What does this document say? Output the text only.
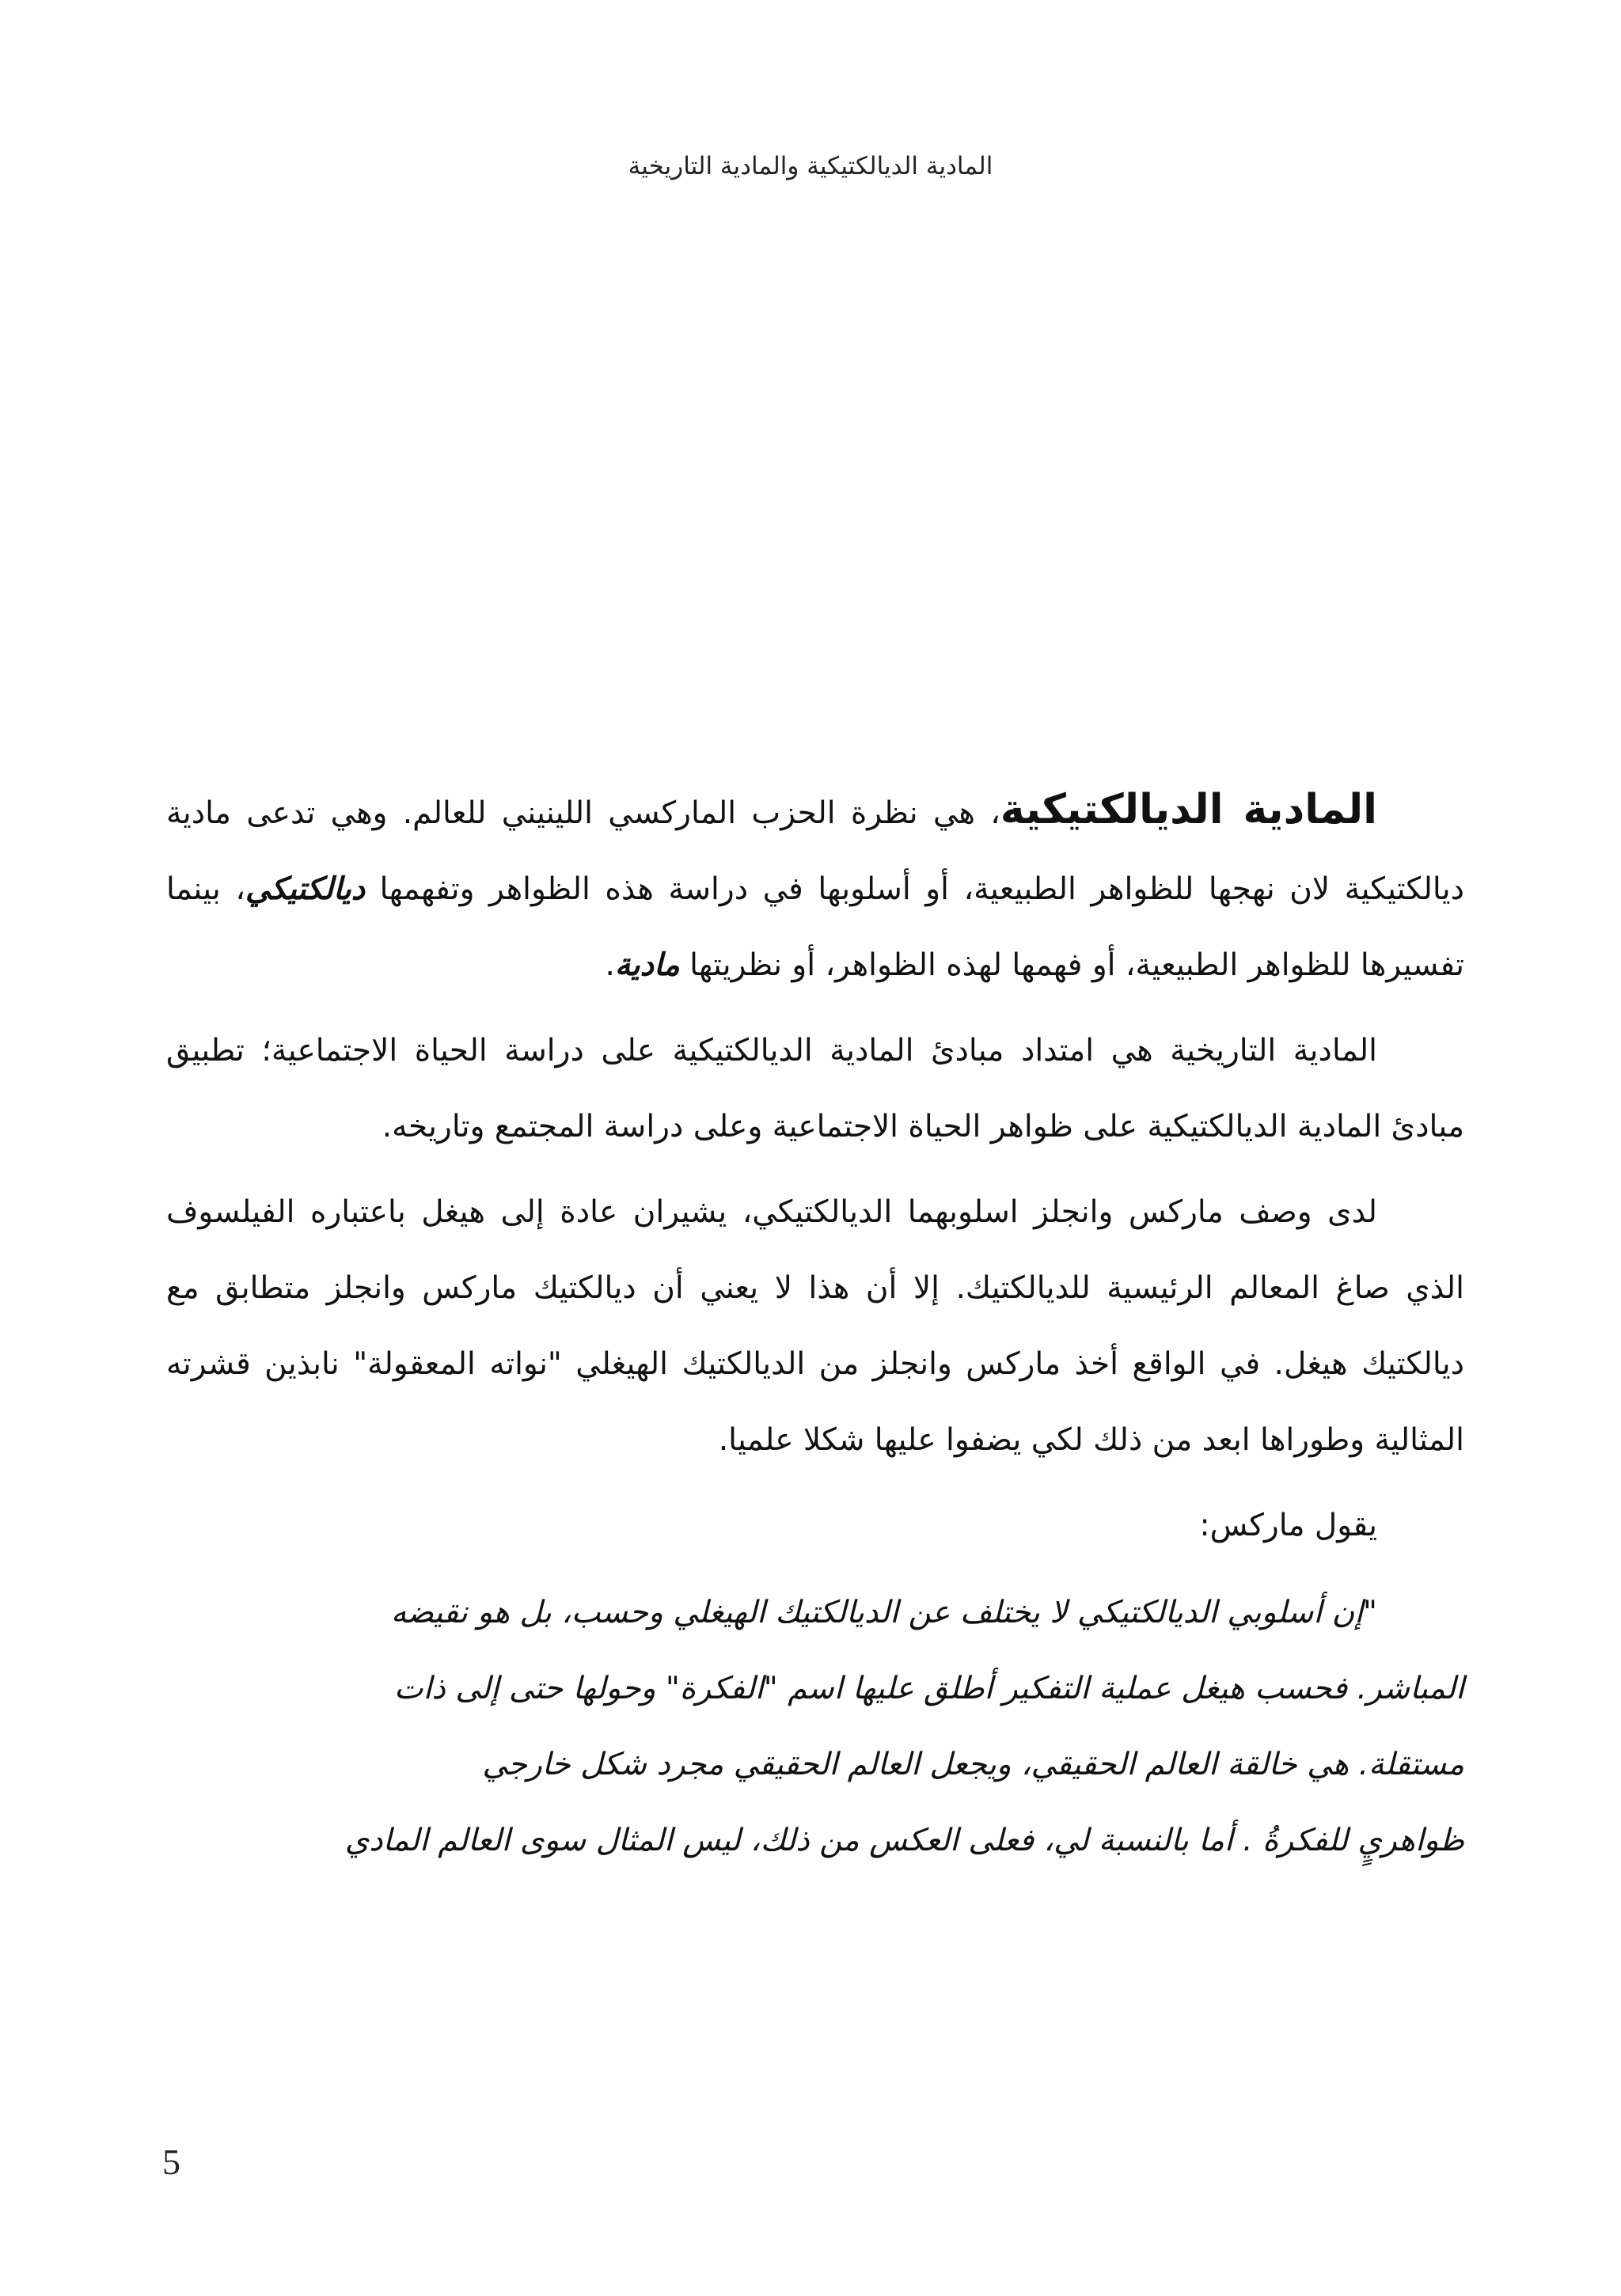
المادية الديالكتيكية والمادية التاريخية

المادية الديالكتيكية، هي نظرة الحزب الماركسي اللينيني للعالم. وهي تدعى مادية ديالكتيكية لان نهجها للظواهر الطبيعية، أو أسلوبها في دراسة هذه الظواهر وتفهمها ديالكتيكي، بينما تفسيرها للظواهر الطبيعية، أو فهمها لهذه الظواهر، أو نظريتها مادية.

المادية التاريخية هي امتداد مبادئ المادية الديالكتيكية على دراسة الحياة الاجتماعية؛ تطبيق مبادئ المادية الديالكتيكية على ظواهر الحياة الاجتماعية وعلى دراسة المجتمع وتاريخه.

لدى وصف ماركس وانجلز اسلوبهما الديالكتيكي، يشيران عادة إلى هيغل باعتباره الفيلسوف الذي صاغ المعالم الرئيسية للديالكتيك. إلا أن هذا لا يعني أن ديالكتيك ماركس وانجلز متطابق مع ديالكتيك هيغل. في الواقع أخذ ماركس وانجلز من الديالكتيك الهيغلي "نواته المعقولة" نابذين قشرته المثالية وطوراها ابعد من ذلك لكي يضفوا عليها شكلا علميا.

يقول ماركس:

"إن أسلوبي الديالكتيكي لا يختلف عن الديالكتيك الهيغلي وحسب، بل هو نقيضه
المباشر. فحسب هيغل عملية التفكير أطلق عليها اسم "الفكرة" وحولها حتى إلى ذات
مستقلة. هي خالقة العالم الحقيقي، ويجعل العالم الحقيقي مجرد شكل خارجي
ظواهريٍ للفكرةُ . أما بالنسبة لي، فعلى العكس من ذلك، ليس المثال سوى العالم المادي

5
